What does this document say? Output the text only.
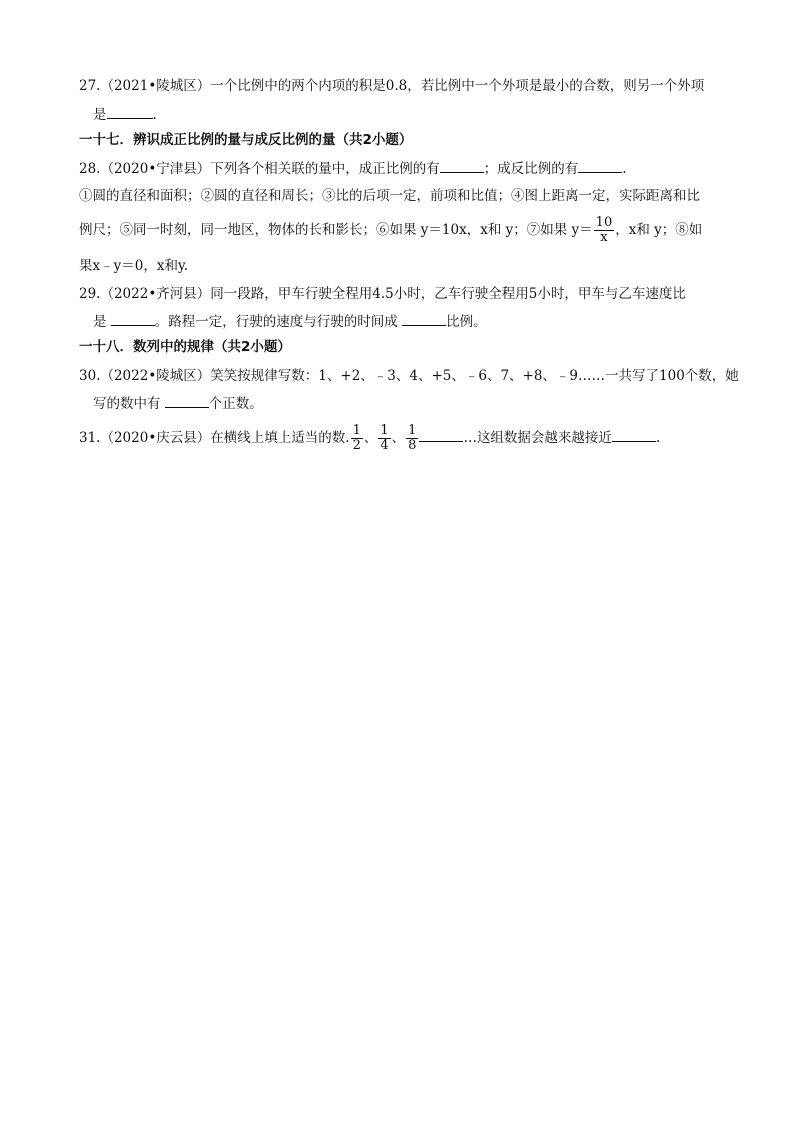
27.（2021•陵城区）一个比例中的两个内项的积是0.8，若比例中一个外项是最小的合数，则另一个外项
是	.
一十七．辨识成正比例的量与成反比例的量（共2小题）
28.（2020•宁津县）下列各个相关联的量中，成正比例的有	；成反比例的有	.
①圆的直径和面积；②圆的直径和周长；③比的后项一定，前项和比值；④图上距离一定，实际距离和比
例尺；⑤同一时刻，同一地区，物体的长和影长；⑥如果 y＝10x，x和 y；⑦如果 $y= \frac{10}{x}$ ，x和 y；⑧如
果x﹣y＝0，x和y.
29.（2022•齐河县）同一段路，甲车行驶全程用4.5小时，乙车行驶全程用5小时，甲车与乙车速度比
是	。路程一定，行驶的速度与行驶的时间成	比例。
一十八．数列中的规律（共2小题）
30.（2022•陵城区）笑笑按规律写数：1、+2、﹣3、4、+5、﹣6、7、+8、﹣9……一共写了100个数，她
写的数中有	个正数。
31.（2020•庆云县）在横线上填上适当的数. $\frac{1}{2}$ 、 $\frac{1}{4}$ 、 $\frac{1}{8}$	…这组数据会越来越接近	.
